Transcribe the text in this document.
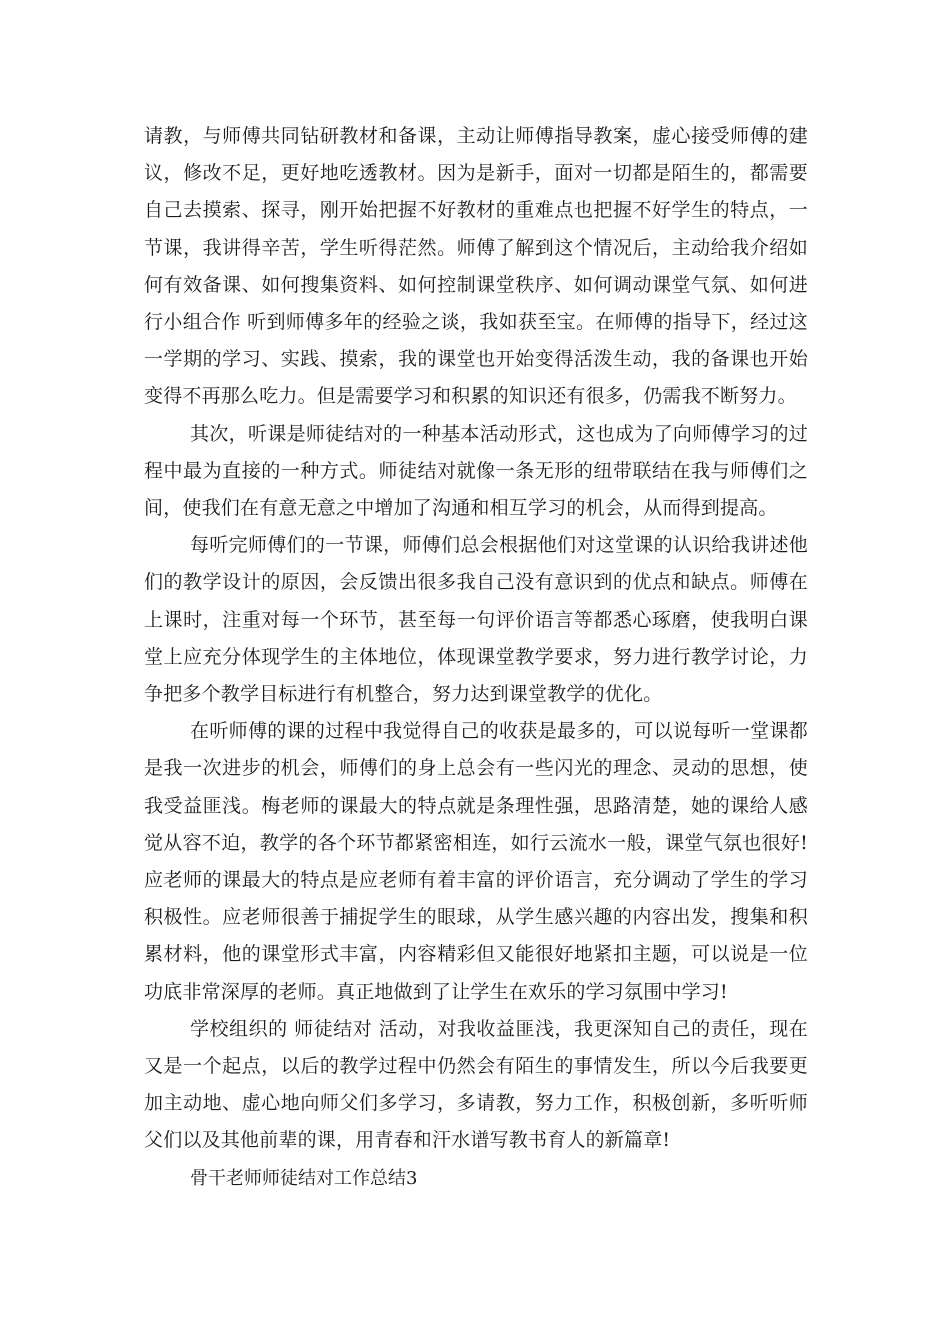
请教，与师傅共同钻研教材和备课，主动让师傅指导教案，虚心接受师傅的建议，修改不足，更好地吃透教材。因为是新手，面对一切都是陌生的，都需要自己去摸索、探寻，刚开始把握不好教材的重难点也把握不好学生的特点，一节课，我讲得辛苦，学生听得茫然。师傅了解到这个情况后，主动给我介绍如何有效备课、如何搜集资料、如何控制课堂秩序、如何调动课堂气氛、如何进行小组合作 听到师傅多年的经验之谈，我如获至宝。在师傅的指导下，经过这一学期的学习、实践、摸索，我的课堂也开始变得活泼生动，我的备课也开始变得不再那么吃力。但是需要学习和积累的知识还有很多，仍需我不断努力。

其次，听课是师徒结对的一种基本活动形式，这也成为了向师傅学习的过程中最为直接的一种方式。师徒结对就像一条无形的纽带联结在我与师傅们之间，使我们在有意无意之中增加了沟通和相互学习的机会，从而得到提高。

每听完师傅们的一节课，师傅们总会根据他们对这堂课的认识给我讲述他们的教学设计的原因，会反馈出很多我自己没有意识到的优点和缺点。师傅在上课时，注重对每一个环节，甚至每一句评价语言等都悉心琢磨，使我明白课堂上应充分体现学生的主体地位，体现课堂教学要求，努力进行教学讨论，力争把多个教学目标进行有机整合，努力达到课堂教学的优化。

在听师傅的课的过程中我觉得自己的收获是最多的，可以说每听一堂课都是我一次进步的机会，师傅们的身上总会有一些闪光的理念、灵动的思想，使我受益匪浅。梅老师的课最大的特点就是条理性强，思路清楚，她的课给人感觉从容不迫，教学的各个环节都紧密相连，如行云流水一般，课堂气氛也很好!应老师的课最大的特点是应老师有着丰富的评价语言，充分调动了学生的学习积极性。应老师很善于捕捉学生的眼球，从学生感兴趣的内容出发，搜集和积累材料，他的课堂形式丰富，内容精彩但又能很好地紧扣主题，可以说是一位功底非常深厚的老师。真正地做到了让学生在欢乐的学习氛围中学习!

学校组织的 师徒结对 活动，对我收益匪浅，我更深知自己的责任，现在又是一个起点，以后的教学过程中仍然会有陌生的事情发生，所以今后我要更加主动地、虚心地向师父们多学习，多请教，努力工作，积极创新，多听听师父们以及其他前辈的课，用青春和汗水谱写教书育人的新篇章!

骨干老师师徒结对工作总结3
